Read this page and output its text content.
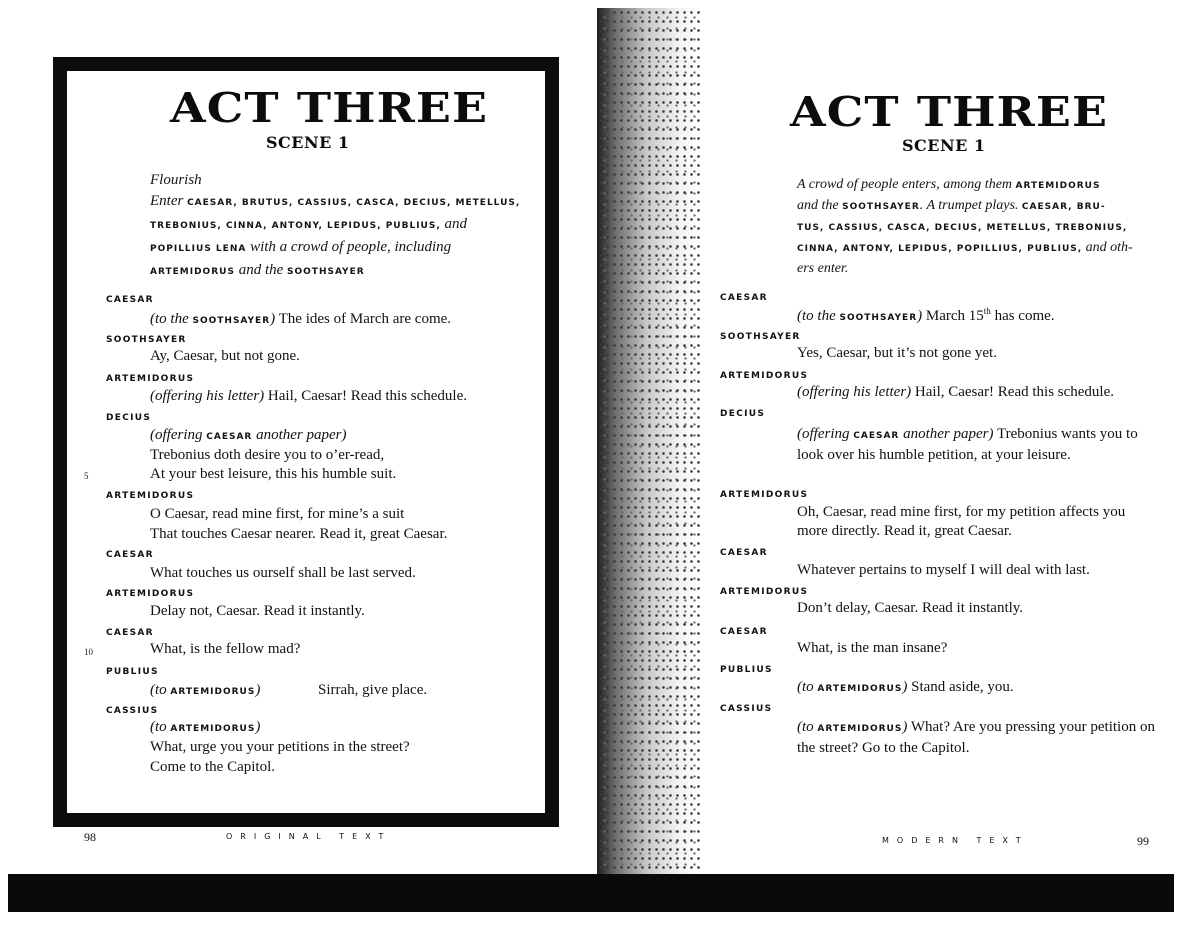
ACT THREE
SCENE 1
Flourish
Enter CAESAR, BRUTUS, CASSIUS, CASCA, DECIUS, METELLUS,
TREBONIUS, CINNA, ANTONY, LEPIDUS, PUBLIUS, and
POPILLIUS LENA with a crowd of people, including
ARTEMIDORUS and the SOOTHSAYER
CAESAR
(to the SOOTHSAYER) The ides of March are come.
SOOTHSAYER
Ay, Caesar, but not gone.
ARTEMIDORUS
(offering his letter) Hail, Caesar! Read this schedule.
DECIUS
(offering CAESAR another paper)
Trebonius doth desire you to o’er-read,
5	At your best leisure, this his humble suit.
ARTEMIDORUS
O Caesar, read mine first, for mine’s a suit
That touches Caesar nearer. Read it, great Caesar.
CAESAR
What touches us ourself shall be last served.
ARTEMIDORUS
Delay not, Caesar. Read it instantly.
CAESAR
10	What, is the fellow mad?
PUBLIUS
(to ARTEMIDORUS)	Sirrah, give place.
CASSIUS
(to ARTEMIDORUS)
What, urge you your petitions in the street?
Come to the Capitol.
98	ORIGINAL TEXT
ACT THREE
SCENE 1
A crowd of people enters, among them ARTEMIDORUS
and the SOOTHSAYER. A trumpet plays. CAESAR, BRU-
TUS, CASSIUS, CASCA, DECIUS, METELLUS, TREBONIUS,
CINNA, ANTONY, LEPIDUS, POPILLIUS, PUBLIUS, and oth-
ers enter.
CAESAR
(to the SOOTHSAYER) March 15th has come.
SOOTHSAYER
Yes, Caesar, but it’s not gone yet.
ARTEMIDORUS
(offering his letter) Hail, Caesar! Read this schedule.
DECIUS
(offering CAESAR another paper) Trebonius wants you to look over his humble petition, at your leisure.
ARTEMIDORUS
Oh, Caesar, read mine first, for my petition affects you more directly. Read it, great Caesar.
CAESAR
Whatever pertains to myself I will deal with last.
ARTEMIDORUS
Don’t delay, Caesar. Read it instantly.
CAESAR
What, is the man insane?
PUBLIUS
(to ARTEMIDORUS) Stand aside, you.
CASSIUS
(to ARTEMIDORUS) What? Are you pressing your petition on the street? Go to the Capitol.
MODERN TEXT	99
